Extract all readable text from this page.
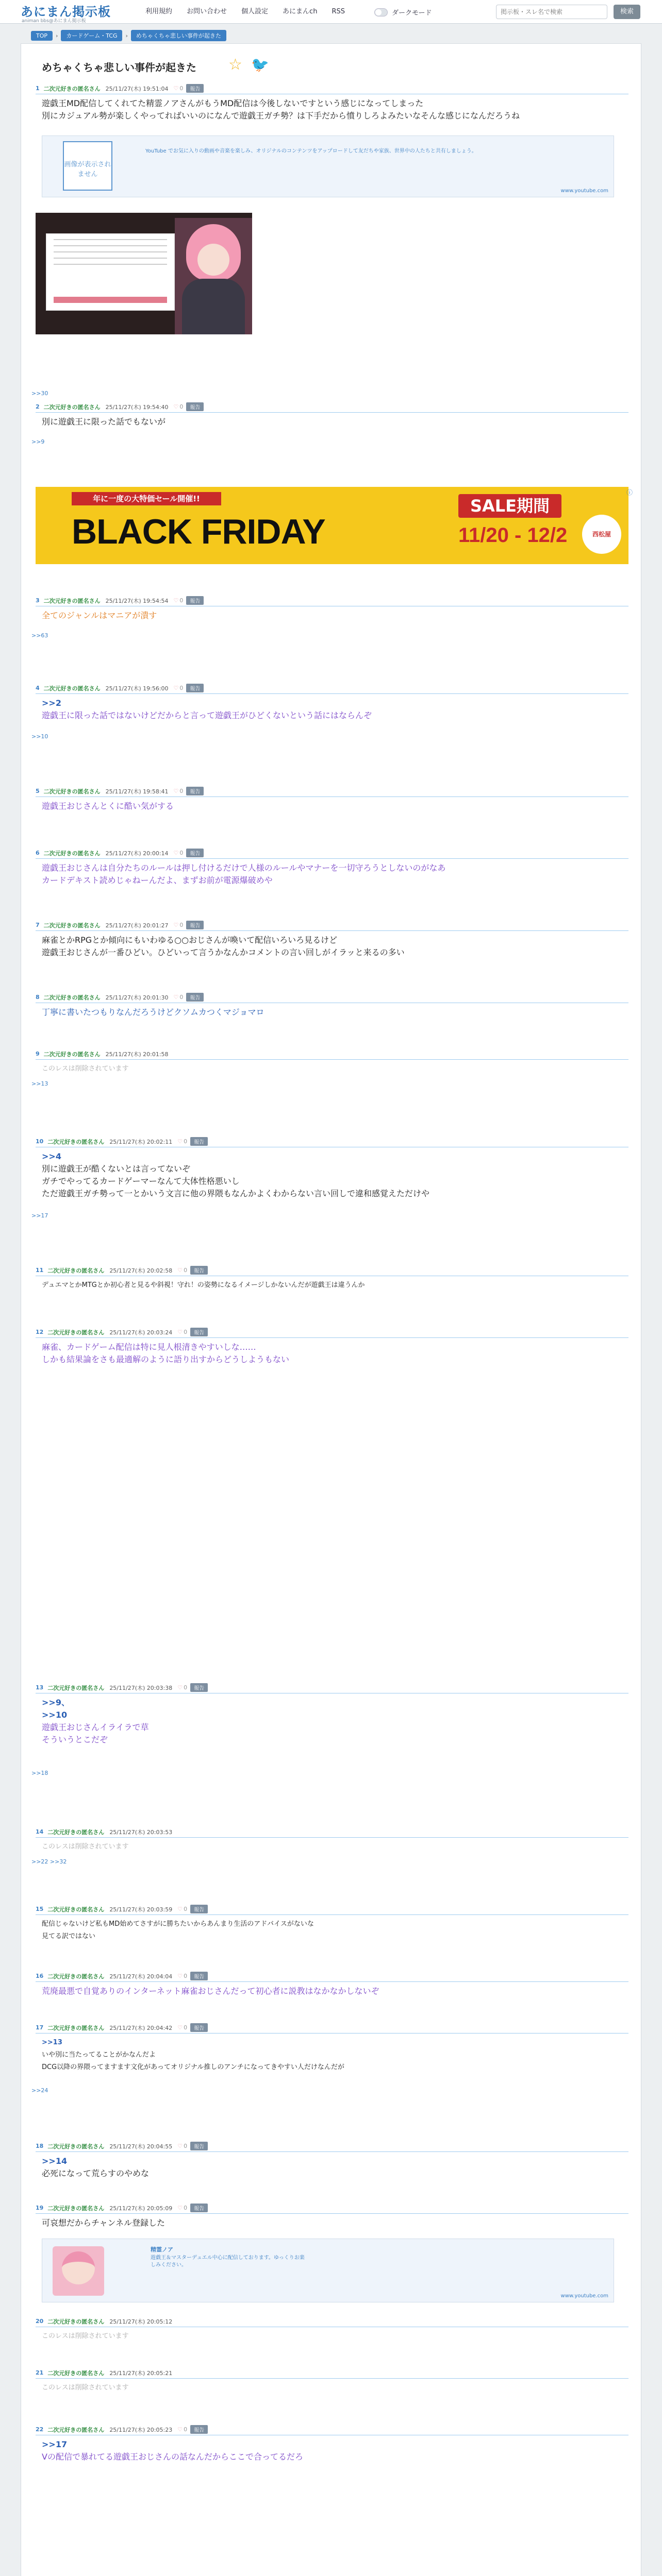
あにまん掲示板
animan bbs@あにまん掲示板
利用規約	お問い合わせ	個人設定	あにまんch	RSS	ダークモード	掲示板・スレ名で検索	検索
TOP	›	カードゲーム・TCG	›	めちゃくちゃ悲しい事件が起きた
めちゃくちゃ悲しい事件が起きた ☆ 🐦
1 二次元好きの匿名さん 25/11/27(木) 19:51:04 ♡ 0	報告
遊戯王MD配信してくれてた精霊ノアさんがもうMD配信は今後しないですという感じになってしまった
別にカジュアル勢が楽しくやってればいいのになんで遊戯王ガチ勢？は下手だから憤りしろよみたいなそんな感じになんだろうね
画像が表示されません
YouTube でお気に入りの動画や音楽を楽しみ、オリジナルのコンテンツをアップロードして友だちや家族、世界中の人たちと共有しましょう。
www.youtube.com
>>30
2 二次元好きの匿名さん 25/11/27(木) 19:54:40 ♡ 0	報告
別に遊戯王に限った話でもないが
>>9
年に一度の大特価セール開催!!
BLACK FRIDAY
SALE期間
11/20 - 12/2	西松屋
ⓘ
3 二次元好きの匿名さん 25/11/27(木) 19:54:54 ♡ 0	報告
全てのジャンルはマニアが潰す
>>63
4 二次元好きの匿名さん 25/11/27(木) 19:56:00 ♡ 0	報告
>>2
遊戯王に限った話ではないけどだからと言って遊戯王がひどくないという話にはならんぞ
>>10
5 二次元好きの匿名さん 25/11/27(木) 19:58:41 ♡ 0	報告
遊戯王おじさんとくに酷い気がする
6 二次元好きの匿名さん 25/11/27(木) 20:00:14 ♡ 0	報告
遊戯王おじさんは自分たちのルールは押し付けるだけで人様のルールやマナーを一切守ろうとしないのがなあ
カードデキスト読めじゃねーんだよ、まずお前が電源爆破めや
7 二次元好きの匿名さん 25/11/27(木) 20:01:27 ♡ 0	報告
麻雀とかRPGとか傾向にもいわゆる○○おじさんが喚いて配信いろいろ見るけど
遊戯王おじさんが一番ひどい。ひどいって言うかなんかコメントの言い回しがイラッと来るの多い
8 二次元好きの匿名さん 25/11/27(木) 20:01:30 ♡ 0	報告
丁寧に書いたつもりなんだろうけどクソムカつくマジョマロ
9 二次元好きの匿名さん 25/11/27(木) 20:01:58
このレスは削除されています
>>13
10 二次元好きの匿名さん 25/11/27(木) 20:02:11 ♡ 0	報告
>>4
別に遊戯王が酷くないとは言ってないぞ
ガチでやってるカードゲーマーなんて大体性格悪いし
ただ遊戯王ガチ勢って一とかいう文言に他の界隈もなんかよくわからない言い回しで違和感覚えただけや
>>17
11 二次元好きの匿名さん 25/11/27(木) 20:02:58 ♡ 0	報告
デュエマとかMTGとか初心者と見るや斜視！守れ！の姿勢になるイメージしかないんだが遊戯王は違うんか
12 二次元好きの匿名さん 25/11/27(木) 20:03:24 ♡ 0	報告
麻雀、カードゲーム配信は特に見人根清きやすいしな……
しかも結果論をさも最適解のように語り出すからどうしようもない
13 二次元好きの匿名さん 25/11/27(木) 20:03:38 ♡ 0	報告
>>9、
>>10
遊戯王おじさんイライラで草
そういうとこだぞ
>>18
14 二次元好きの匿名さん 25/11/27(木) 20:03:53
このレスは削除されています
>>22 >>32
15 二次元好きの匿名さん 25/11/27(木) 20:03:59 ♡ 0	報告
配信じゃないけど私もMD始めてさすがに勝ちたいからあんまり生活のアドバイスがないな
見てる訳ではない
16 二次元好きの匿名さん 25/11/27(木) 20:04:04 ♡ 0	報告
荒廃最悪で自覚ありのインターネット麻雀おじさんだって初心者に説教はなかなかしないぞ
17 二次元好きの匿名さん 25/11/27(木) 20:04:42 ♡ 0	報告
>>13
いや別に当たってることがかなんだよ
DCG以降の界隈ってますます文化があってオリジナル推しのアンチになってきやすい人だけなんだが
>>24
18 二次元好きの匿名さん 25/11/27(木) 20:04:55 ♡ 0	報告
>>14
必死になって荒らすのやめな
19 二次元好きの匿名さん 25/11/27(木) 20:05:09 ♡ 0	報告
可哀想だからチャンネル登録した
精霊ノア
遊戯王＆マスターデュエル中心に配信しております。ゆっくりお楽しみください。
www.youtube.com
20 二次元好きの匿名さん 25/11/27(木) 20:05:12
このレスは削除されています
21 二次元好きの匿名さん 25/11/27(木) 20:05:21
このレスは削除されています
22 二次元好きの匿名さん 25/11/27(木) 20:05:23 ♡ 0	報告
>>17
Vの配信で暴れてる遊戯王おじさんの話なんだからここで合ってるだろ
